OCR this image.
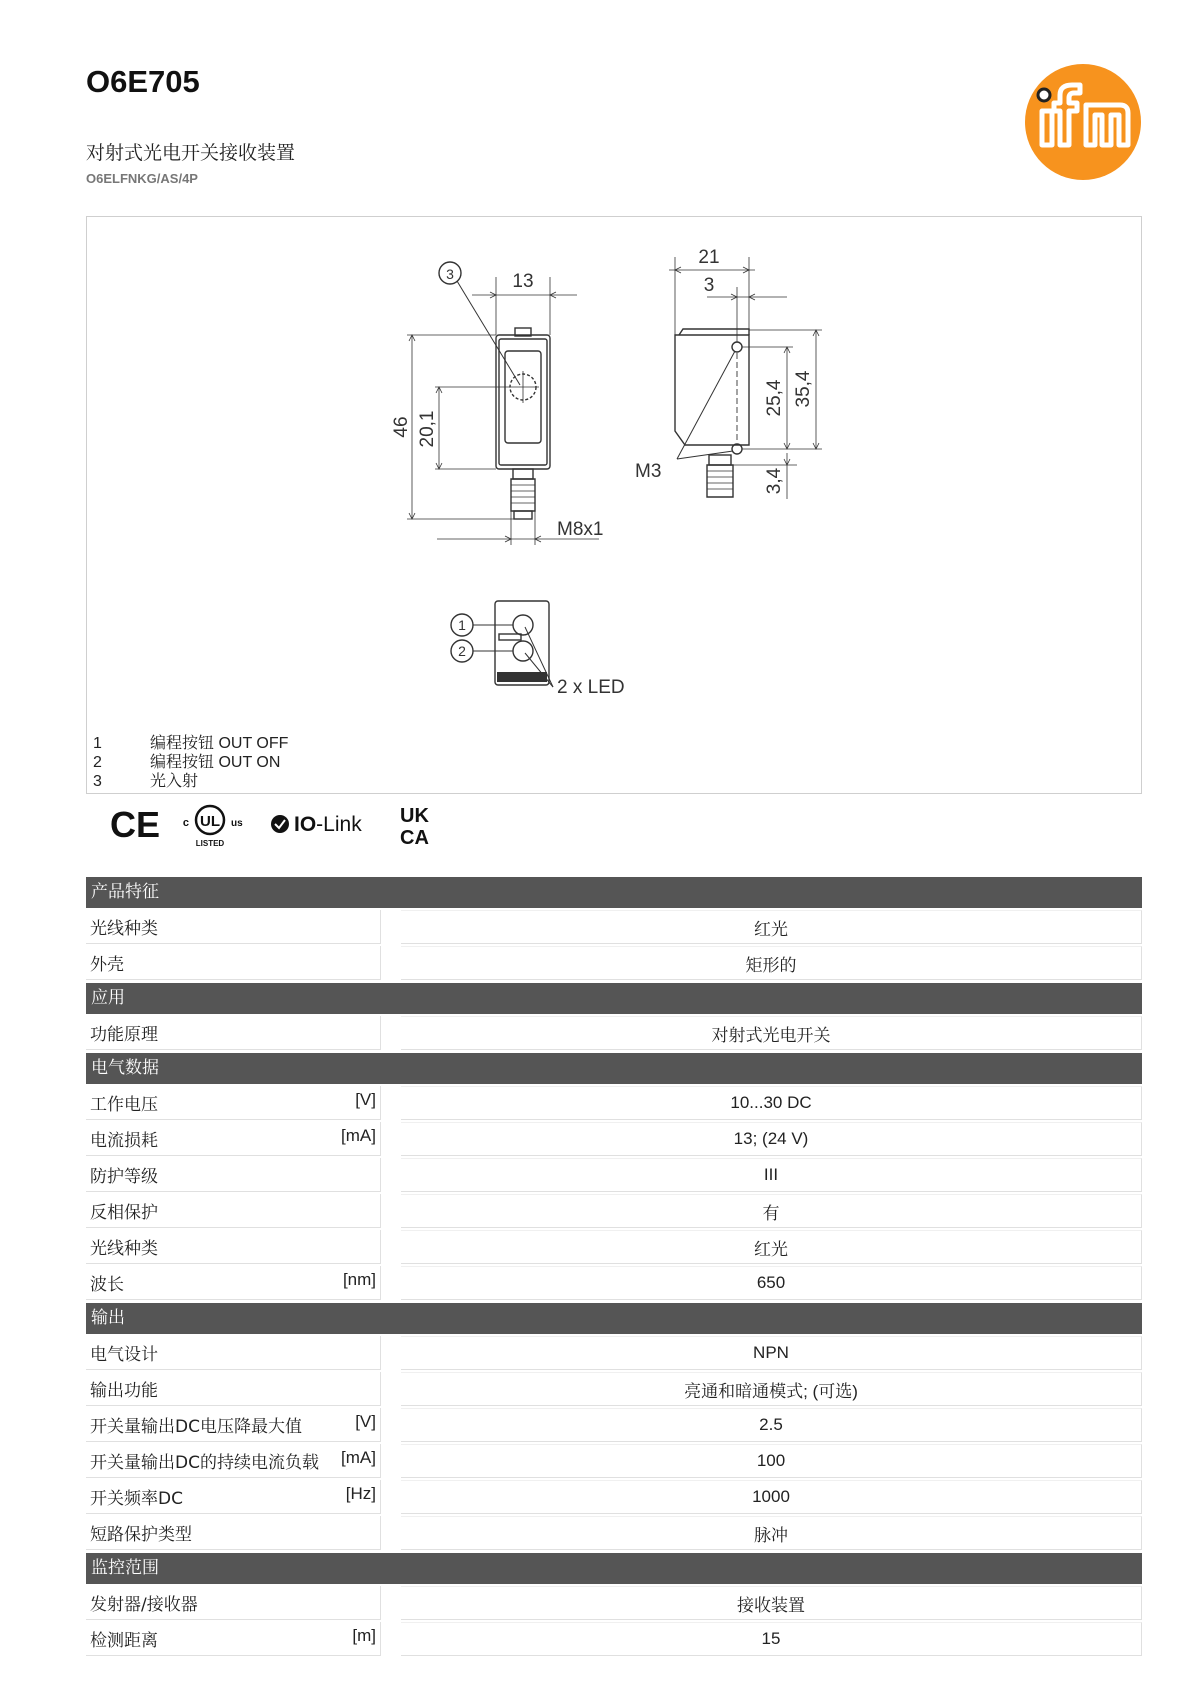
O6E705
对射式光电开关接收装置
O6ELFNKG/AS/4P	ifm
3	13
46 20,1
M8x1
21
3
25,4 35,4
3,4
M3
1
2
2 x LED
1	编程按钮 OUT OFF
2	编程按钮 OUT ON
3	光入射
CE	UL
c	us
LISTED
IO-Link UK
CA
产品特征
光线种类	红光
外壳	矩形的
应用
功能原理	对射式光电开关
电气数据
工作电压	[V]	10...30 DC
电流损耗	[mA]	13; (24 V)
防护等级	III
反相保护	有
光线种类	红光
波长	[nm]	650
输出
电气设计	NPN
输出功能	亮通和暗通模式; (可选)
开关量输出DC电压降最大值	[V]	2.5
开关量输出DC的持续电流负载	[mA]	100
开关频率DC	[Hz]	1000
短路保护类型	脉冲
监控范围
发射器/接收器	接收装置
检测距离	[m]	15
